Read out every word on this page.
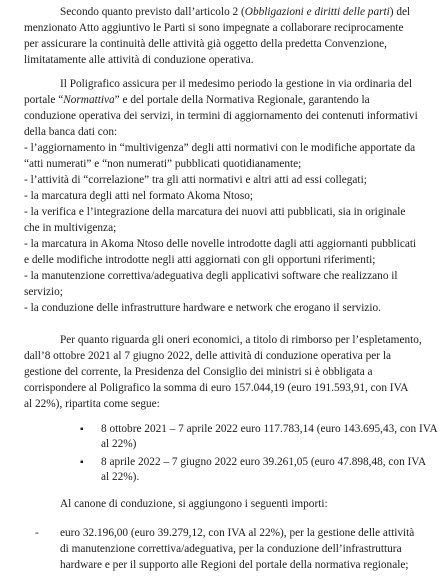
Secondo quanto previsto dall’articolo 2 (Obbligazioni e diritti delle parti) del
menzionato Atto aggiuntivo le Parti si sono impegnate a collaborare reciprocamente
per assicurare la continuità delle attività già oggetto della predetta Convenzione,
limitatamente alle attività di conduzione operativa.
Il Poligrafico assicura per il medesimo periodo la gestione in via ordinaria del
portale “Normattiva” e del portale della Normativa Regionale, garantendo la
conduzione operativa dei servizi, in termini di aggiornamento dei contenuti informativi
della banca dati con:
- l’aggiornamento in “multivigenza” degli atti normativi con le modifiche apportate da
“atti numerati” e “non numerati” pubblicati quotidianamente;
- l’attività di “correlazione” tra gli atti normativi e altri atti ad essi collegati;
- la marcatura degli atti nel formato Akoma Ntoso;
- la verifica e l’integrazione della marcatura dei nuovi atti pubblicati, sia in originale
che in multivigenza;
- la marcatura in Akoma Ntoso delle novelle introdotte dagli atti aggiornanti pubblicati
e delle modifiche introdotte negli atti aggiornati con gli opportuni riferimenti;
- la manutenzione correttiva/adeguativa degli applicativi software che realizzano il
servizio;
- la conduzione delle infrastrutture hardware e network che erogano il servizio.
Per quanto riguarda gli oneri economici, a titolo di rimborso per l’espletamento,
dall’8 ottobre 2021 al 7 giugno 2022, delle attività di conduzione operativa per la
gestione del corrente, la Presidenza del Consiglio dei ministri si è obbligata a
corrispondere al Poligrafico la somma di euro 157.044,19 (euro 191.593,91, con IVA
al 22%), ripartita come segue:
▪ 8 ottobre 2021 – 7 aprile 2022 euro 117.783,14 (euro 143.695,43, con IVA
al 22%)
▪ 8 aprile 2022 – 7 giugno 2022 euro 39.261,05 (euro 47.898,48, con IVA
al 22%).
Al canone di conduzione, si aggiungono i seguenti importi:
- euro 32.196,00 (euro 39.279,12, con IVA al 22%), per la gestione delle attività
di manutenzione correttiva/adeguativa, per la conduzione dell’infrastruttura
hardware e per il supporto alle Regioni del portale della normativa regionale;
